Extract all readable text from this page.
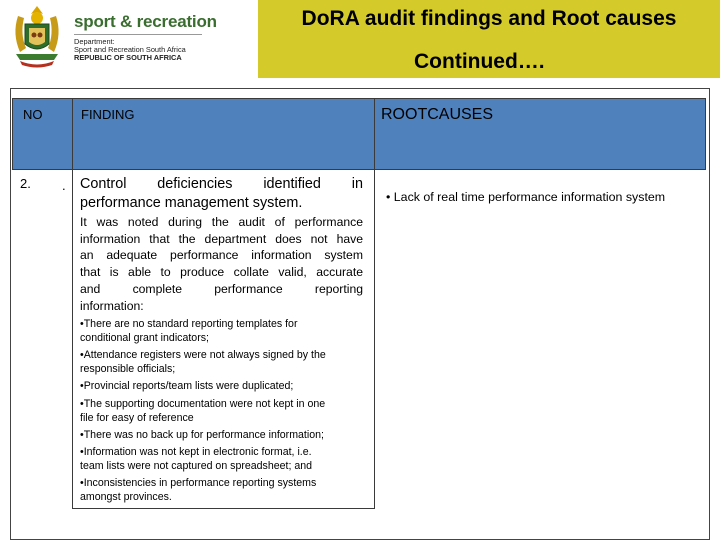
sport & recreation
Department:
Sport and Recreation South Africa
REPUBLIC OF SOUTH AFRICA
DoRA audit findings and Root causes
Continued….
NO	FINDING	ROOTCAUSES
2. . Control deficiencies identified in
performance management system.
It was noted during the audit of performance
information that the department does not have
an adequate performance information system
that is able to produce collate valid, accurate
and complete performance reporting
information:
•There are no standard reporting templates for
conditional grant indicators;
•Attendance registers were not always signed by the
responsible officials;
•Provincial reports/team lists were duplicated;
•The supporting documentation were not kept in one
file for easy of reference
•There was no back up for performance information;
•Information was not kept in electronic format, i.e.
team lists were not captured on spreadsheet; and
•Inconsistencies in performance reporting systems
amongst provinces.
• Lack of real time performance information system
